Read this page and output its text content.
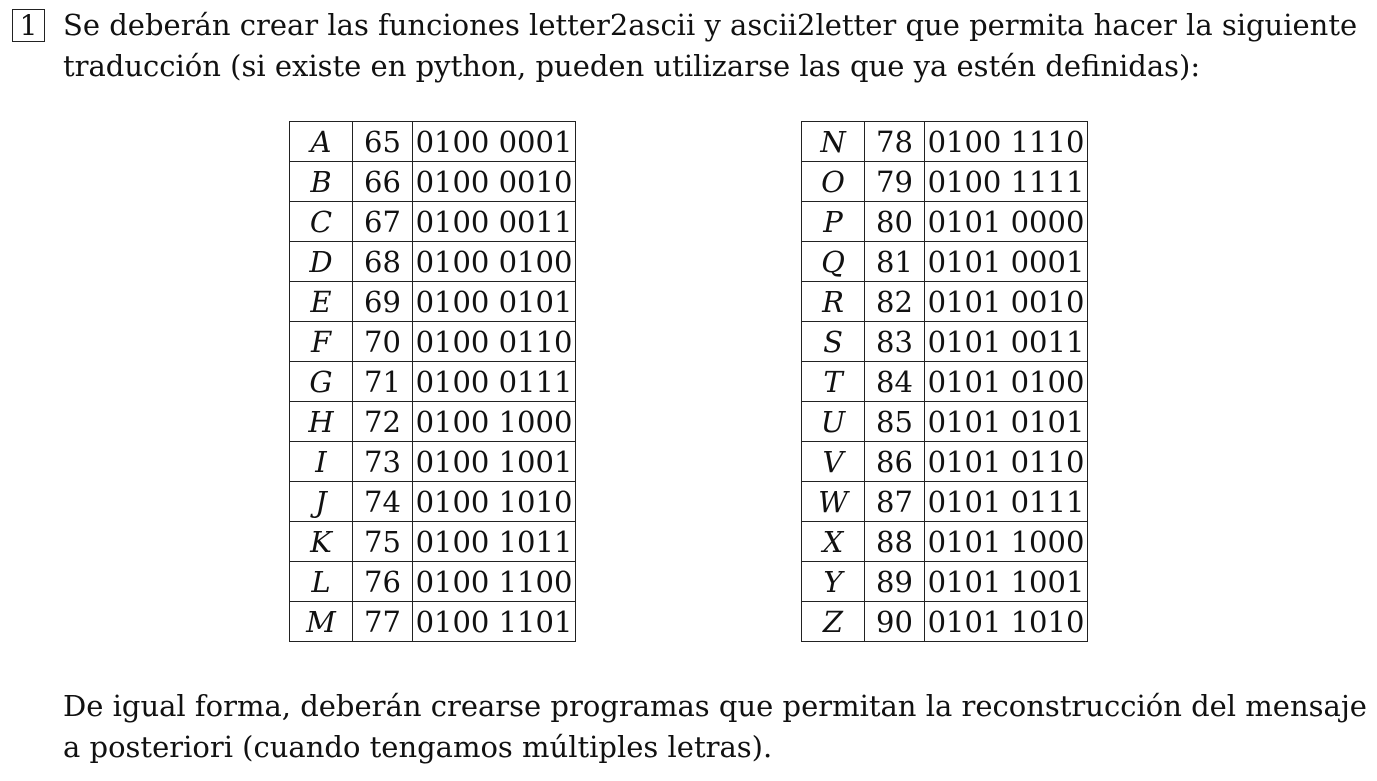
1 Se deberán crear las funciones letter2ascii y ascii2letter que permita hacer la siguiente
traducción (si existe en python, pueden utilizarse las que ya estén definidas):

A	65	0100 0001
B	66	0100 0010
C	67	0100 0011
D	68	0100 0100
E	69	0100 0101
F	70	0100 0110
G	71	0100 0111
H	72	0100 1000
I	73	0100 1001
J	74	0100 1010
K	75	0100 1011
L	76	0100 1100
M	77	0100 1101
N	78	0100 1110
O	79	0100 1111
P	80	0101 0000
Q	81	0101 0001
R	82	0101 0010
S	83	0101 0011
T	84	0101 0100
U	85	0101 0101
V	86	0101 0110
W	87	0101 0111
X	88	0101 1000
Y	89	0101 1001
Z	90	0101 1010

De igual forma, deberán crearse programas que permitan la reconstrucción del mensaje
a posteriori (cuando tengamos múltiples letras).
